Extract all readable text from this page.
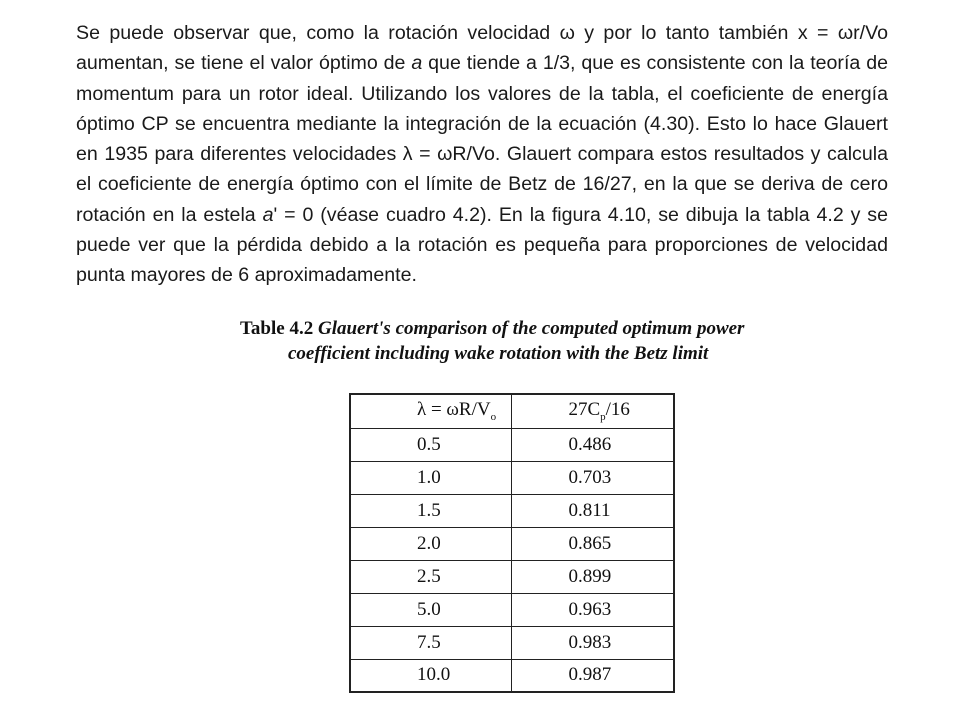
Se puede observar que, como la rotación velocidad ω y por lo tanto también x = ωr/Vo aumentan, se tiene el valor óptimo de a que tiende a 1/3, que es consistente con la teoría de momentum para un rotor ideal. Utilizando los valores de la tabla, el coeficiente de energía óptimo CP se encuentra mediante la integración de la ecuación (4.30). Esto lo hace Glauert en 1935 para diferentes velocidades λ = ωR/Vo. Glauert compara estos resultados y calcula el coeficiente de energía óptimo con el límite de Betz de 16/27, en la que se deriva de cero rotación en la estela a' = 0 (véase cuadro 4.2). En la figura 4.10, se dibuja la tabla 4.2 y se puede ver que la pérdida debido a la rotación es pequeña para proporciones de velocidad punta mayores de 6 aproximadamente.

Table 4.2 Glauert's comparison of the computed optimum power
coefficient including wake rotation with the Betz limit
$\lambda = \omega R/V_o$	$27C_p/16$
0.5	0.486
1.0	0.703
1.5	0.811
2.0	0.865
2.5	0.899
5.0	0.963
7.5	0.983
10.0	0.987
